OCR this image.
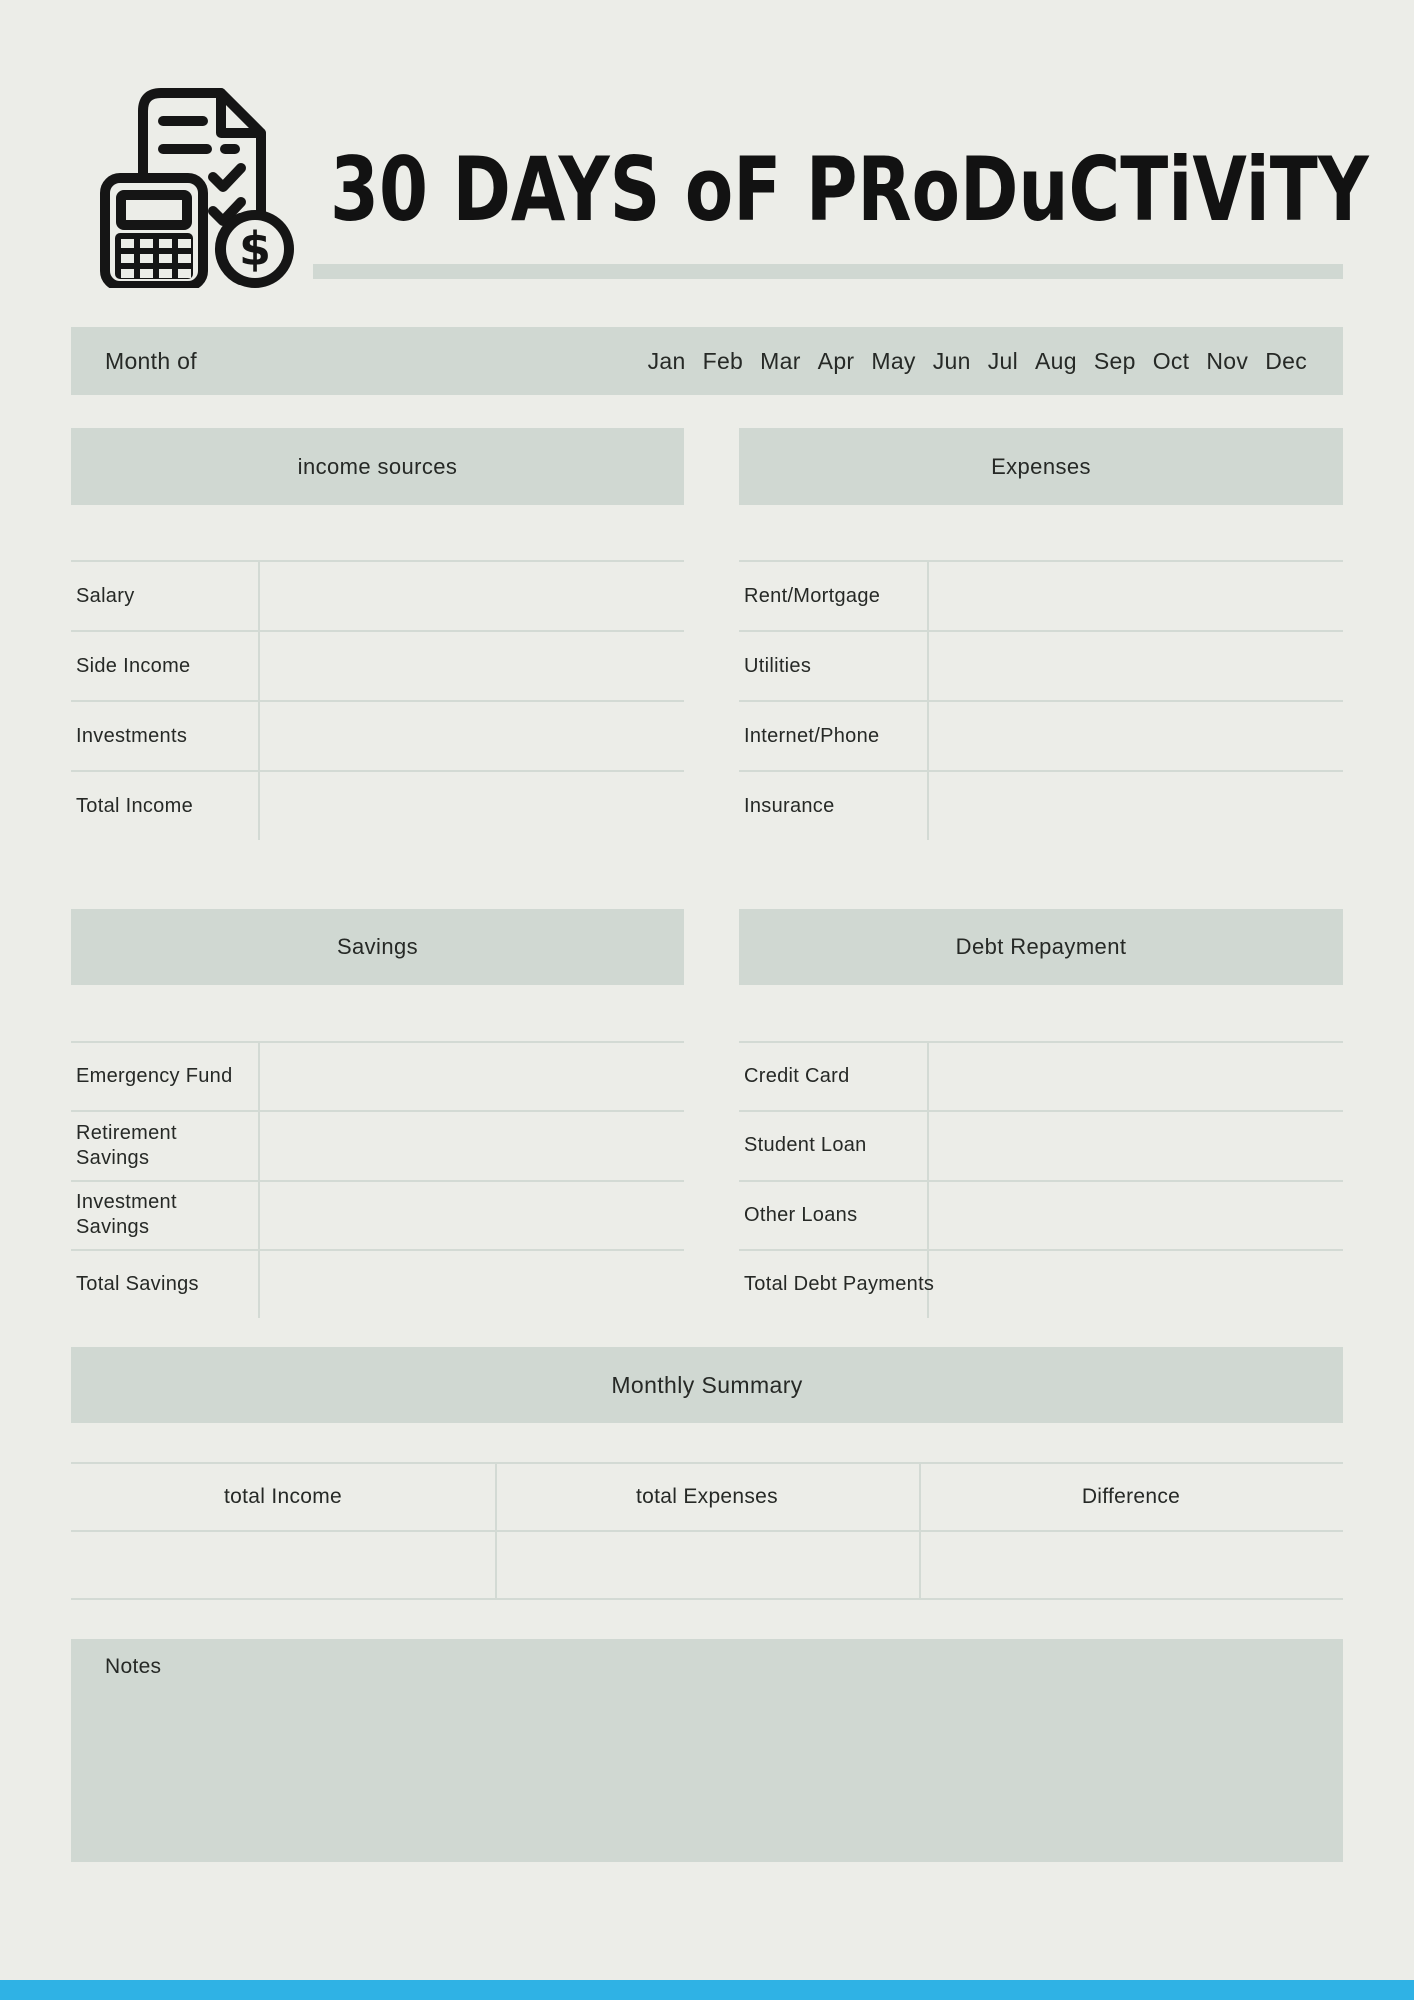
$
30 DAYS oF PRoDuCTiViTY
Month of	Jan Feb Mar Apr May Jun Jul Aug Sep Oct Nov Dec
income sources	Expenses
Salary
Side Income
Investments
Total Income
Rent/Mortgage
Utilities
Internet/Phone
Insurance
Savings	Debt Repayment
Emergency Fund
Retirement Savings
Investment Savings
Total Savings
Credit Card
Student Loan
Other Loans
Total Debt Payments
Monthly Summary
total Income	total Expenses	Difference
Notes
